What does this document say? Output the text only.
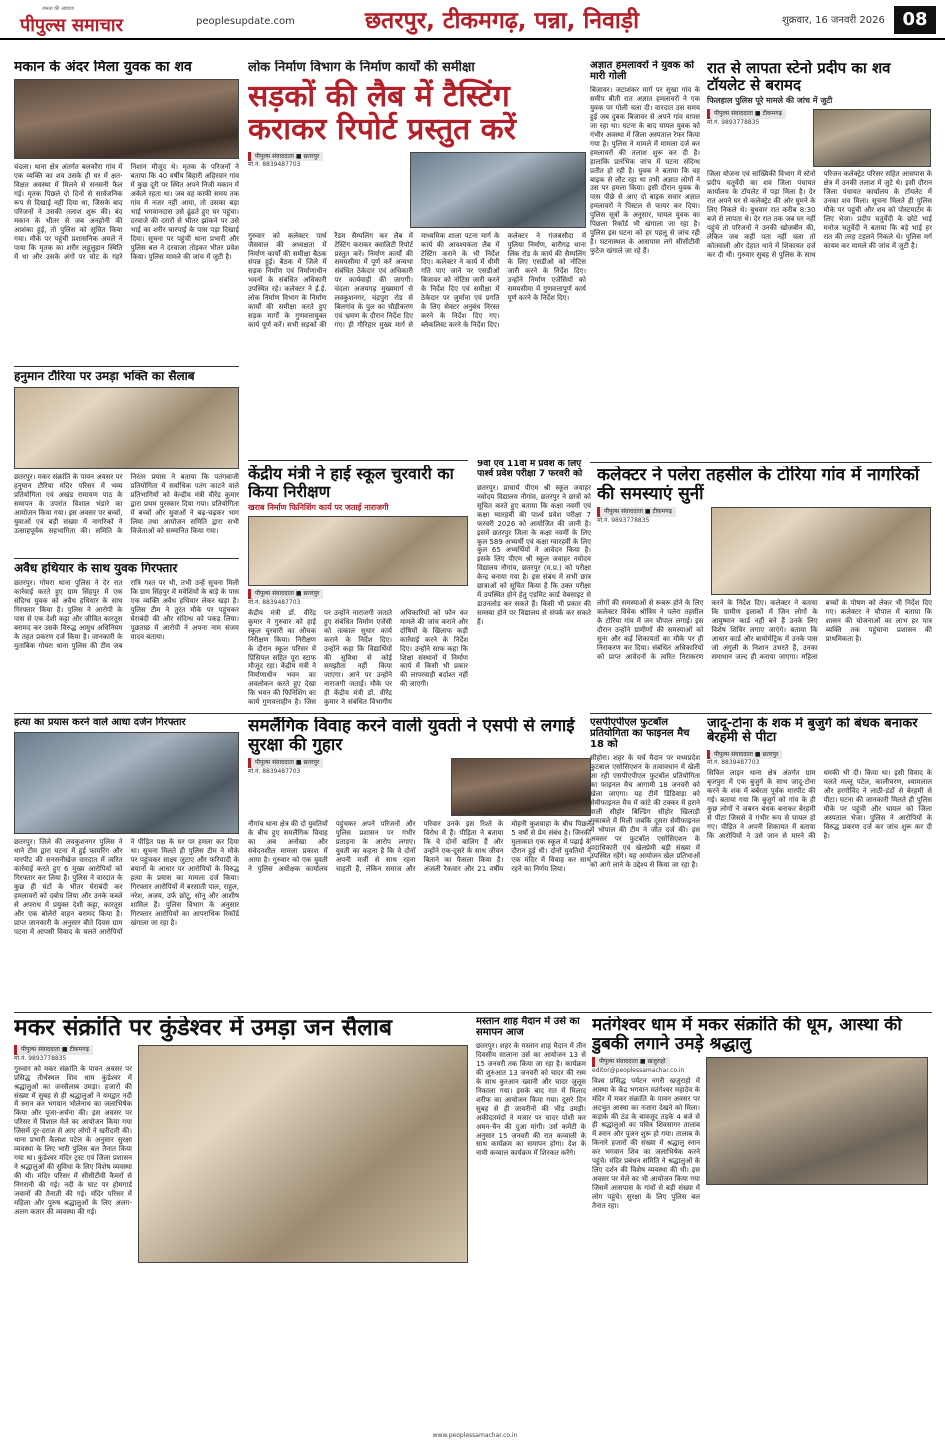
जनता की आवाज
पीपुल्स समाचार	peoplesupdate.com	छतरपुर, टीकमगढ़, पन्ना, निवाड़ी	शुक्रवार, 16 जनवरी 2026 08
मकान के अंदर मिला युवक का शव
चंदला। थाना क्षेत्र अंतर्गत बलकौरा गांव में एक व्यक्ति का शव उसके ही घर में क्षत-विक्षत अवस्था में मिलने से सनसनी फैल गई। मृतक पिछले दो दिनों से सार्वजनिक रूप से दिखाई नहीं दिया था, जिसके बाद परिजनों ने उसकी तलाश शुरू की। बंद मकान के भीतर से जब अनहोनी की आशंका हुई, तो पुलिस को सूचित किया गया। मौके पर पहुंची प्रशासनिक अमले ने पाया कि मृतक का शरीर लहूलुहान स्थिति में था और उसके अंगों पर चोट के गहरे निशान मौजूद थे। मृतक के परिजनों ने बताया कि 40 वर्षीय बिहारी अहिरवार गांव में कुछ दूरी पर स्थित अपने निजी मकान में अकेले रहता था। जब वह काफी समय तक गांव में नजर नहीं आया, तो उसका बड़ा भाई भगवानदास उसे ढूंढते हुए घर पहुंचा। दरवाजे की दरारों से भीतर झांकने पर उसे भाई का शरीर चारपाई के पास पड़ा दिखाई दिया। सूचना पर पहुंची थाना प्रभारी और पुलिस बल ने दरवाजा तोड़कर भीतर प्रवेश किया। पुलिस मामले की जांच में जुटी है।
हनुमान टौरिया पर उमड़ा भक्ति का सैलाब
छतरपुर। मकर संक्रांति के पावन अवसर पर हनुमान टौरिया मंदिर परिसर में भव्य प्रतियोगिता एवं अखंड रामायण पाठ के समापन के उपरांत विशाल भंडारे का आयोजन किया गया। इस अवसर पर बच्चों, युवाओं एवं बड़ी संख्या में नागरिकों ने उत्साहपूर्वक सहभागिता की। समिति के निरंतर प्रयास ने बताया कि पतंगबाजी प्रतियोगिता में सर्वाधिक पतंग काटने वाले प्रतिभागियों को केन्द्रीय मंत्री वीरेंद्र कुमार द्वारा प्रथम पुरस्कार दिया गया। प्रतियोगिता में बच्चों और युवाओं ने बढ़-चढ़कर भाग लिया तथा आयोजन समिति द्वारा सभी विजेताओं को सम्मानित किया गया।
अवैध हथियार के साथ युवक गिरफ्तार
छतरपुर। गोयरा थाना पुलिस ने देर रात कार्रवाई करते हुए ग्राम सिंहपुर में एक संदिग्ध युवक को अवैध हथियार के साथ गिरफ्तार किया है। पुलिस ने आरोपी के पास से एक देशी कट्टा और जीवित कारतूस बरामद कर उसके विरुद्ध आयुध अधिनियम के तहत प्रकरण दर्ज किया है। जानकारी के मुताबिक गोयरा थाना पुलिस की टीम जब रात्रि गश्त पर थी, तभी उन्हें सूचना मिली कि ग्राम सिंहपुर में मवेशियों के बाड़े के पास एक व्यक्ति अवैध हथियार लेकर खड़ा है। पुलिस टीम ने तुरंत मौके पर पहुंचकर घेराबंदी की और संदिग्ध को पकड़ लिया। पूछताछ में आरोपी ने अपना नाम संजय यादव बताया।
हत्या का प्रयास करने वाले आधा दर्जन गिरफ्तार
छतरपुर। जिले की लवकुशनगर पुलिस ने थाने टीम द्वारा घटना में हुई फायरिंग और मारपीट की सनसनीखेज वारदात में त्वरित कार्रवाई करते हुए 6 मुख्य आरोपियों को गिरफ्तार कर लिया है। पुलिस ने वारदात के कुछ ही घंटों के भीतर घेराबंदी कर हमलावरों को दबोच लिया और उनके कब्जे से अपराध में प्रयुक्त देशी कट्टा, कारतूस और एक बोलेरो वाहन बरामद किया है। प्राप्त जानकारी के अनुसार बीते दिवस ग्राम पटना में आपसी विवाद के चलते आरोपियों ने पीड़ित पक्ष के घर पर हमला कर दिया था। सूचना मिलते ही पुलिस टीम ने मौके पर पहुंचकर साक्ष्य जुटाए और फरियादी के बयानों के आधार पर आरोपियों के विरुद्ध हत्या के प्रयास का मामला दर्ज किया। गिरफ्तार आरोपियों में बरसाती पाल, राहुल, नरेश, अजय, उर्फ छोटू, सोनू और आशीष शामिल हैं। पुलिस विभाग के अनुसार गिरफ्तार आरोपियों का आपराधिक रिकॉर्ड खंगाला जा रहा है।
लोक निर्माण विभाग के निर्माण कार्यों की समीक्षा
सड़कों की लैब में टैस्टिंग कराकर रिपोर्ट प्रस्तुत करें
पीपुल्स संवाददाता ■ छतरपुर
मो.नं. 8839487703
गुरुवार को कलेक्टर पार्थ जैसवाल की अध्यक्षता में निर्माण कार्यों की समीक्षा बैठक संपन्न हुई। बैठक में जिले में सड़क निर्माण एवं निर्माणाधीन भवनों के संबंधित अधिकारी उपस्थित रहे। कलेक्टर ने ई.ई. लोक निर्माण विभाग के निर्माण कार्यों की समीक्षा करते हुए सड़क मार्गों के गुणवत्तायुक्त कार्य पूर्ण करें। सभी सड़कों की रैंडम सैम्पलिंग कर लैब में टेस्टिंग कराकर क्वालिटी रिपोर्ट प्रस्तुत करें। निर्माण कार्यों की समयसीमा में पूर्ण करें अन्यथा संबंधित ठेकेदार एवं अधिकारी पर कार्यवाही की जाएगी। चंदला अजयगढ़ मुख्यमार्ग से लवकुशनगर, चंद्रपुरा रोड से बिलगांव के पुल का चौड़ीकरण एवं भ्रमण के दौरान निर्देश दिए गए। ही गौरिहार मुख्य मार्ग से माध्यमिक शाला पटना मार्ग के कार्य की आवश्यकता लैब में टेस्टिंग कराने के भी निर्देश दिए। कलेक्टर ने कार्य में धीमी गति पाए जाने पर एसडीओ बिजावर को नोटिस जारी करने के निर्देश दिए एवं समीक्षा में ठेकेदार पर जुर्माना एवं प्रगति के लिए सेक्टर अनुबंध निरस्त करने के निर्देश दिए गए। ब्लैकलिस्ट करने के निर्देश दिए। कलेक्टर ने गंजबसौदा में पुलिया निर्माण, बारीगढ़ थाना लिंक रोड के कार्य की सैम्पलिंग के लिए एसडीओ को नोटिस जारी करने के निर्देश दिए। उन्होंने निर्माण एजेंसियों को समयसीमा में गुणवत्तापूर्ण कार्य पूर्ण करने के निर्देश दिए।
केंद्रीय मंत्री ने हाई स्कूल चुरवारी का किया निरीक्षण
खराब निर्माण फिनिशिंग कार्य पर जताई नाराजगी
पीपुल्स संवाददाता ■ छतरपुर
मो.नं. 8839487703
केंद्रीय मंत्री डॉ. वीरेंद्र कुमार ने गुरुवार को हाई स्कूल चुरवारी का औचक निरीक्षण किया। निरीक्षण के दौरान स्कूल परिसर में प्रिंसिपल सहित पूरा स्टाफ मौजूद रहा। केंद्रीय मंत्री ने निर्माणाधीन भवन का अवलोकन करते हुए देखा कि भवन की फिनिशिंग का कार्य गुणवत्ताहीन है। जिस पर उन्होंने नाराजगी जताते हुए संबंधित निर्माण एजेंसी को तत्काल सुधार कार्य कराने के निर्देश दिए। उन्होंने कहा कि विद्यार्थियों की सुविधा से कोई समझौता नहीं किया जाएगा। आने पर उन्होंने नाराजगी जताई। मौके पर ही केंद्रीय मंत्री डॉ. वीरेंद्र कुमार ने संबंधित विभागीय अधिकारियों को फोन कर मामले की जांच कराने और दोषियों के खिलाफ कड़ी कार्रवाई करने के निर्देश दिए। उन्होंने साफ कहा कि शिक्षा संस्थानों में निर्माण कार्य में किसी भी प्रकार की लापरवाही बर्दाश्त नहीं की जाएगी।
समलैंगिक विवाह करने वाली युवती ने एसपी से लगाई सुरक्षा की गुहार
पीपुल्स संवाददाता ■ छतरपुर
मो.नं. 8839487703
नौगांव थाना क्षेत्र की दो युवतियों के बीच हुए समलैंगिक विवाह का अब अनोखा और संवेदनशील मामला प्रकाश में आया है। गुरुवार को एक युवती ने पुलिस अधीक्षक कार्यालय पहुंचकर अपने परिजनों और पुलिस प्रशासन पर गंभीर प्रताड़ना के आरोप लगाए। युवती का कहना है कि वे दोनों अपनी मर्जी से साथ रहना चाहती हैं, लेकिन समाज और परिवार उनके इस रिश्ते के विरोध में हैं। पीड़िता ने बताया कि वे दोनों बालिग हैं और उन्होंने एक-दूसरे के साथ जीवन बिताने का फैसला किया है। अंजली रैकवार और 21 वर्षीय मोहनी कुशवाहा के बीच पिछले 5 वर्षों से प्रेम संबंध है। जिनकी मुलाकात एक स्कूल में पढ़ाई के दौरान हुई थी। दोनों युवतियों ने एक मंदिर में विवाह कर साथ रहने का निर्णय लिया।
9वीं एवं 11वीं में प्रवेश के लिए पार्श्व प्रवेश परीक्षा 7 फरवरी को
छतरपुर। प्राचार्य पीएम श्री स्कूल जवाहर नवोदय विद्यालय नौगांव, छतरपुर ने छात्रों को सूचित करते हुए बताया कि कक्षा नवमीं एवं कक्षा ग्यारहवीं की पार्श्व प्रवेश परीक्षा 7 फरवरी 2026 को आयोजित की जानी है। इसमें छतरपुर जिला के कक्षा नवमीं के लिए कुल 589 अभ्यर्थी एवं कक्षा ग्यारहवीं के लिए कुल 65 अभ्यर्थियों ने आवेदन किया है। इसके लिए पीएम श्री स्कूल जवाहर नवोदय विद्यालय नौगांव, छतरपुर (म.प्र.) को परीक्षा केन्द्र बनाया गया है। इस संबंध में सभी छात्र छात्राओं को सूचित किया है कि उक्त परीक्षा में उपस्थित होने हेतु एडमिट कार्ड वेबसाइट से डाउनलोड कर सकते हैं। किसी भी प्रकार की समस्या होने पर विद्यालय से संपर्क कर सकते हैं।
अज्ञात हमलावरों ने युवक को मारी गोली
बिजावर। जटाशंकर मार्ग पर सुखा गांव के समीप बीती रात अज्ञात हमलावरों ने एक युवक पर गोली चला दी। वारदात उस समय हुई जब दुबक बिजावर से अपने गांव वापस जा रहा था। घटना के बाद घायल युवक को गंभीर अवस्था में जिला अस्पताल रेफर किया गया है। पुलिस ने मामले में मामला दर्ज कर हमलावरों की तलाश शुरू कर दी है। हालांकि प्रारंभिक जांच में घटना संदिग्ध प्रतीत हो रही है। युवक ने बताया कि वह बाइक से लौट रहा था तभी अज्ञात लोगों ने उस पर हमला किया। इसी दौरान युवक के पास पीछे से आए दो बाइक सवार अज्ञात हमलावरों ने पिस्टल से फायर कर दिया। पुलिस सूत्रों के अनुसार, घायल युवक का पिछला रिकॉर्ड भी खंगाला जा रहा है। पुलिस इस घटना को हर पहलू से जांच रही है। घटनास्थल के आसपास लगे सीसीटीवी फुटेज खंगाले जा रहे हैं।
एसपीएपीएल फुटबॉल प्रतियोगिता का फाइनल मैच 18 को
सीहोरा। शहर के चर्च मैदान पर मध्यप्रदेश फुटबाल एसोसिएशन के तत्वावधान में खेली जा रही एसपीएपीएल फुटबॉल प्रतियोगिता का फाइनल मैच आगामी 18 जनवरी को खेला जाएगा। यह टीमें डिंडिवाड़ा को सेमीफाइनल मैच में कांटे की टक्कर में हराने वाली सीहोर बिल्डिंग सीहोर खिलाड़ी मुकाबले में मिली जबकि दूसरा सेमीफाइनल में भोपाल की टीम ने जीत दर्ज की। इस अवसर पर फुटबॉल एसोसिएशन के पदाधिकारी एवं खेलप्रेमी बड़ी संख्या में उपस्थित रहेंगे। यह आयोजन खेल प्रतिभाओं को आगे लाने के उद्देश्य से किया जा रहा है।
रात से लापता स्टेनो प्रदीप का शव टॉयलेट से बरामद
फिलहाल पुलिस पूरे मामले की जांच में जुटी
पीपुल्स संवाददाता ■ टीकमगढ़
मो.नं. 9893778835
जिला योजना एवं सांख्यिकी विभाग में स्टेनो प्रदीप चतुर्वेदी का शव जिला पंचायत कार्यालय के टॉयलेट में पड़ा मिला है। देर रात अपने घर से कलेक्ट्रेट की ओर घूमने के लिए निकले थे। बुधवार रात करीब 8:30 बजे से लापता थे। देर रात तक जब घर नहीं पहुंचे तो परिजनों ने उनकी खोजबीन की, लेकिन जब कहीं पता नहीं चला तो कोतवाली और देहात थाने में शिकायत दर्ज कर दी थी। गुरुवार सुबह से पुलिस के साथ परिजन कलेक्ट्रेट परिसर सहित आसपास के क्षेत्र में उनकी तलाश में जुटे थे। इसी दौरान जिला पंचायत कार्यालय के टॉयलेट में उनका शव मिला। सूचना मिलते ही पुलिस मौके पर पहुंची और शव को पोस्टमार्टम के लिए भेजा। प्रदीप चतुर्वेदी के छोटे भाई मनोज चतुर्वेदी ने बताया कि बड़े भाई हर रात की तरह टहलने निकले थे। पुलिस मर्ग कायम कर मामले की जांच में जुटी है।
कलेक्टर ने पलेरा तहसील के टोरिया गांव में नागरिकों की समस्याएं सुनीं
पीपुल्स संवाददाता ■ टीकमगढ़
मो.नं. 9893778835
लोगों की समस्याओं से रूबरू होने के लिए कलेक्टर विवेक श्रोत्रिय ने पलेरा तहसील के टोरिया गांव में जन चौपाल लगाई। इस दौरान उन्होंने ग्रामीणों की समस्याओं को सुना और कई शिकायतों का मौके पर ही निराकरण कर दिया। संबंधित अधिकारियों को प्राप्त आवेदनों के त्वरित निराकरण करने के निर्देश दिए। कलेक्टर ने बताया कि ग्रामीण इलाकों में जिन लोगों के आयुष्मान कार्ड नहीं बने हैं उनके लिए विशेष शिविर लगाए जाएंगे। बताया कि आधार कार्ड और बायोमेट्रिक में उनके पास जो अंगुली के निशान उभरते हैं, उनका समाधान जल्द ही कराया जाएगा। महिला बच्चों के पोषण को लेकर भी निर्देश दिए गए। कलेक्टर ने चौपाल में बताया कि शासन की योजनाओं का लाभ हर पात्र व्यक्ति तक पहुंचाना प्रशासन की प्राथमिकता है।
जादू-टोना के शक में बुजुर्ग को बंधक बनाकर बेरहमी से पीटा
पीपुल्स संवाददाता ■ छतरपुर
मो.नं. 8839487703
सिविल लाइन थाना क्षेत्र अंतर्गत ग्राम बृजपुरा में एक बुजुर्ग के साथ जादू-टोना करने के शक में बर्बरता पूर्वक मारपीट की गई। बताया गया कि बुजुर्ग को गांव के ही कुछ लोगों ने जबरन बंधक बनाकर बेरहमी से पीटा जिससे वे गंभीर रूप से घायल हो गए। पीड़ित ने अपनी शिकायत में बताया कि आरोपियों ने उसे जान से मारने की धमकी भी दी। किया था। इसी विवाद के चलते मल्लू पटेल, कालीचरण, श्यामलाल और हरगोविंद ने लाठी-डंडों से बेरहमी से पीटा। घटना की जानकारी मिलते ही पुलिस मौके पर पहुंची और घायल को जिला अस्पताल भेजा। पुलिस ने आरोपियों के विरुद्ध प्रकरण दर्ज कर जांच शुरू कर दी है।
मकर संक्रांति पर कुंडेश्वर में उमड़ा जन सैलाब
पीपुल्स संवाददाता ■ टीकमगढ़
मो.नं. 9893778835
गुरुवार को मकर संक्रांति के पावन अवसर पर प्रसिद्ध तीर्थस्थल शिव धाम कुंडेश्वर में श्रद्धालुओं का जनसैलाब उमड़ा। हजारों की संख्या में सुबह से ही श्रद्धालुओं ने यमद्वार नदी में स्नान कर भगवान भोलेनाथ का जलाभिषेक किया और पूजा-अर्चना की। इस अवसर पर परिसर में विशाल मेले का आयोजन किया गया जिसमें दूर-दराज से आए लोगों ने खरीदारी की। थाना प्रभारी कैलाश पटेल के अनुसार सुरक्षा व्यवस्था के लिए भारी पुलिस बल तैनात किया गया था। कुंडेश्वर मंदिर ट्रस्ट एवं जिला प्रशासन ने श्रद्धालुओं की सुविधा के लिए विशेष व्यवस्था की थी। मंदिर परिसर में सीसीटीवी कैमरों से निगरानी की गई। नदी के घाट पर होमगार्ड जवानों की तैनाती की गई। मंदिर परिसर में महिला और पुरुष श्रद्धालुओं के लिए अलग-अलग कतार की व्यवस्था की गई।
मस्तान शाह मैदान में उर्स का समापन आज
छतरपुर। शहर के मस्तान शाह मैदान में तीन दिवसीय सालाना उर्स का आयोजन 13 से 15 जनवरी तक किया जा रहा है। कार्यक्रम की शुरुआत 13 जनवरी को चादर की रस्म के साथ कुरआन ख्वानी और चादर जुलूस निकाला गया। इसके बाद रात में मिलाद शरीफ का आयोजन किया गया। दूसरे दिन सुबह से ही जायरीनों की भीड़ उमड़ी। अकीदतमंदों ने मजार पर चादर पोशी कर अमन-चैन की दुआ मांगी। उर्स कमेटी के अनुसार 15 जनवरी की रात कव्वाली के साथ कार्यक्रम का समापन होगा। देश के नामी कव्वाल कार्यक्रम में शिरकत करेंगे।
मतंगेश्वर धाम में मकर संक्रांति की धूम, आस्था की डुबकी लगाने उमड़े श्रद्धालु
पीपुल्स संवाददाता ■ खजुराहो
editor@peoplessamachar.co.in
विश्व प्रसिद्ध पर्यटन नगरी खजुराहो में आस्था के केंद्र भगवान मतंगेश्वर महादेव के मंदिर में मकर संक्रांति के पावन अवसर पर अदभुत आस्था का नजारा देखने को मिला। कड़ाके की ठंड के बावजूद तड़के 4 बजे से ही श्रद्धालुओं का पवित्र शिवसागर तालाब में स्नान और पूजन शुरू हो गया। तालाब के किनारे हजारों की संख्या में श्रद्धालु स्नान कर भगवान शिव का जलाभिषेक करने पहुंचे। मंदिर प्रबंधन समिति ने श्रद्धालुओं के लिए दर्शन की विशेष व्यवस्था की थी। इस अवसर पर मेले का भी आयोजन किया गया जिसमें आसपास के गांवों से बड़ी संख्या में लोग पहुंचे। सुरक्षा के लिए पुलिस बल तैनात रहा।
www.peoplessamachar.co.in
